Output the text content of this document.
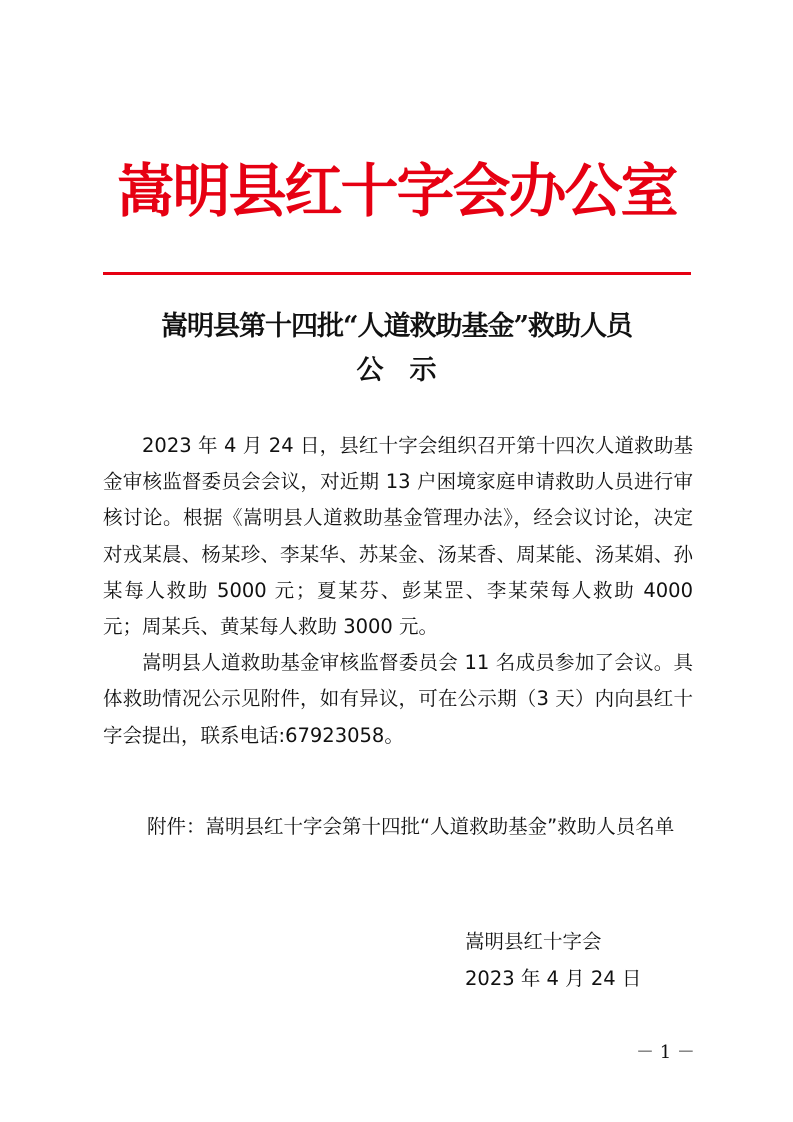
嵩明县红十字会办公室
嵩明县第十四批“人道救助基金”救助人员
公示

2023 年 4 月 24 日，县红十字会组织召开第十四次人道救助基金审核监督委员会会议，对近期 13 户困境家庭申请救助人员进行审核讨论。根据《嵩明县人道救助基金管理办法》，经会议讨论，决定对戎某晨、杨某珍、李某华、苏某金、汤某香、周某能、汤某娟、孙某每人救助 5000 元；夏某芬、彭某罡、李某荣每人救助 4000 元；周某兵、黄某每人救助 3000 元。

嵩明县人道救助基金审核监督委员会 11 名成员参加了会议。具体救助情况公示见附件，如有异议，可在公示期（3 天）内向县红十字会提出，联系电话:67923058。

附件： 嵩明县红十字会第十四批“人道救助基金”救助人员名单
嵩明县红十字会
2023 年 4 月 24 日
－ 1 －
